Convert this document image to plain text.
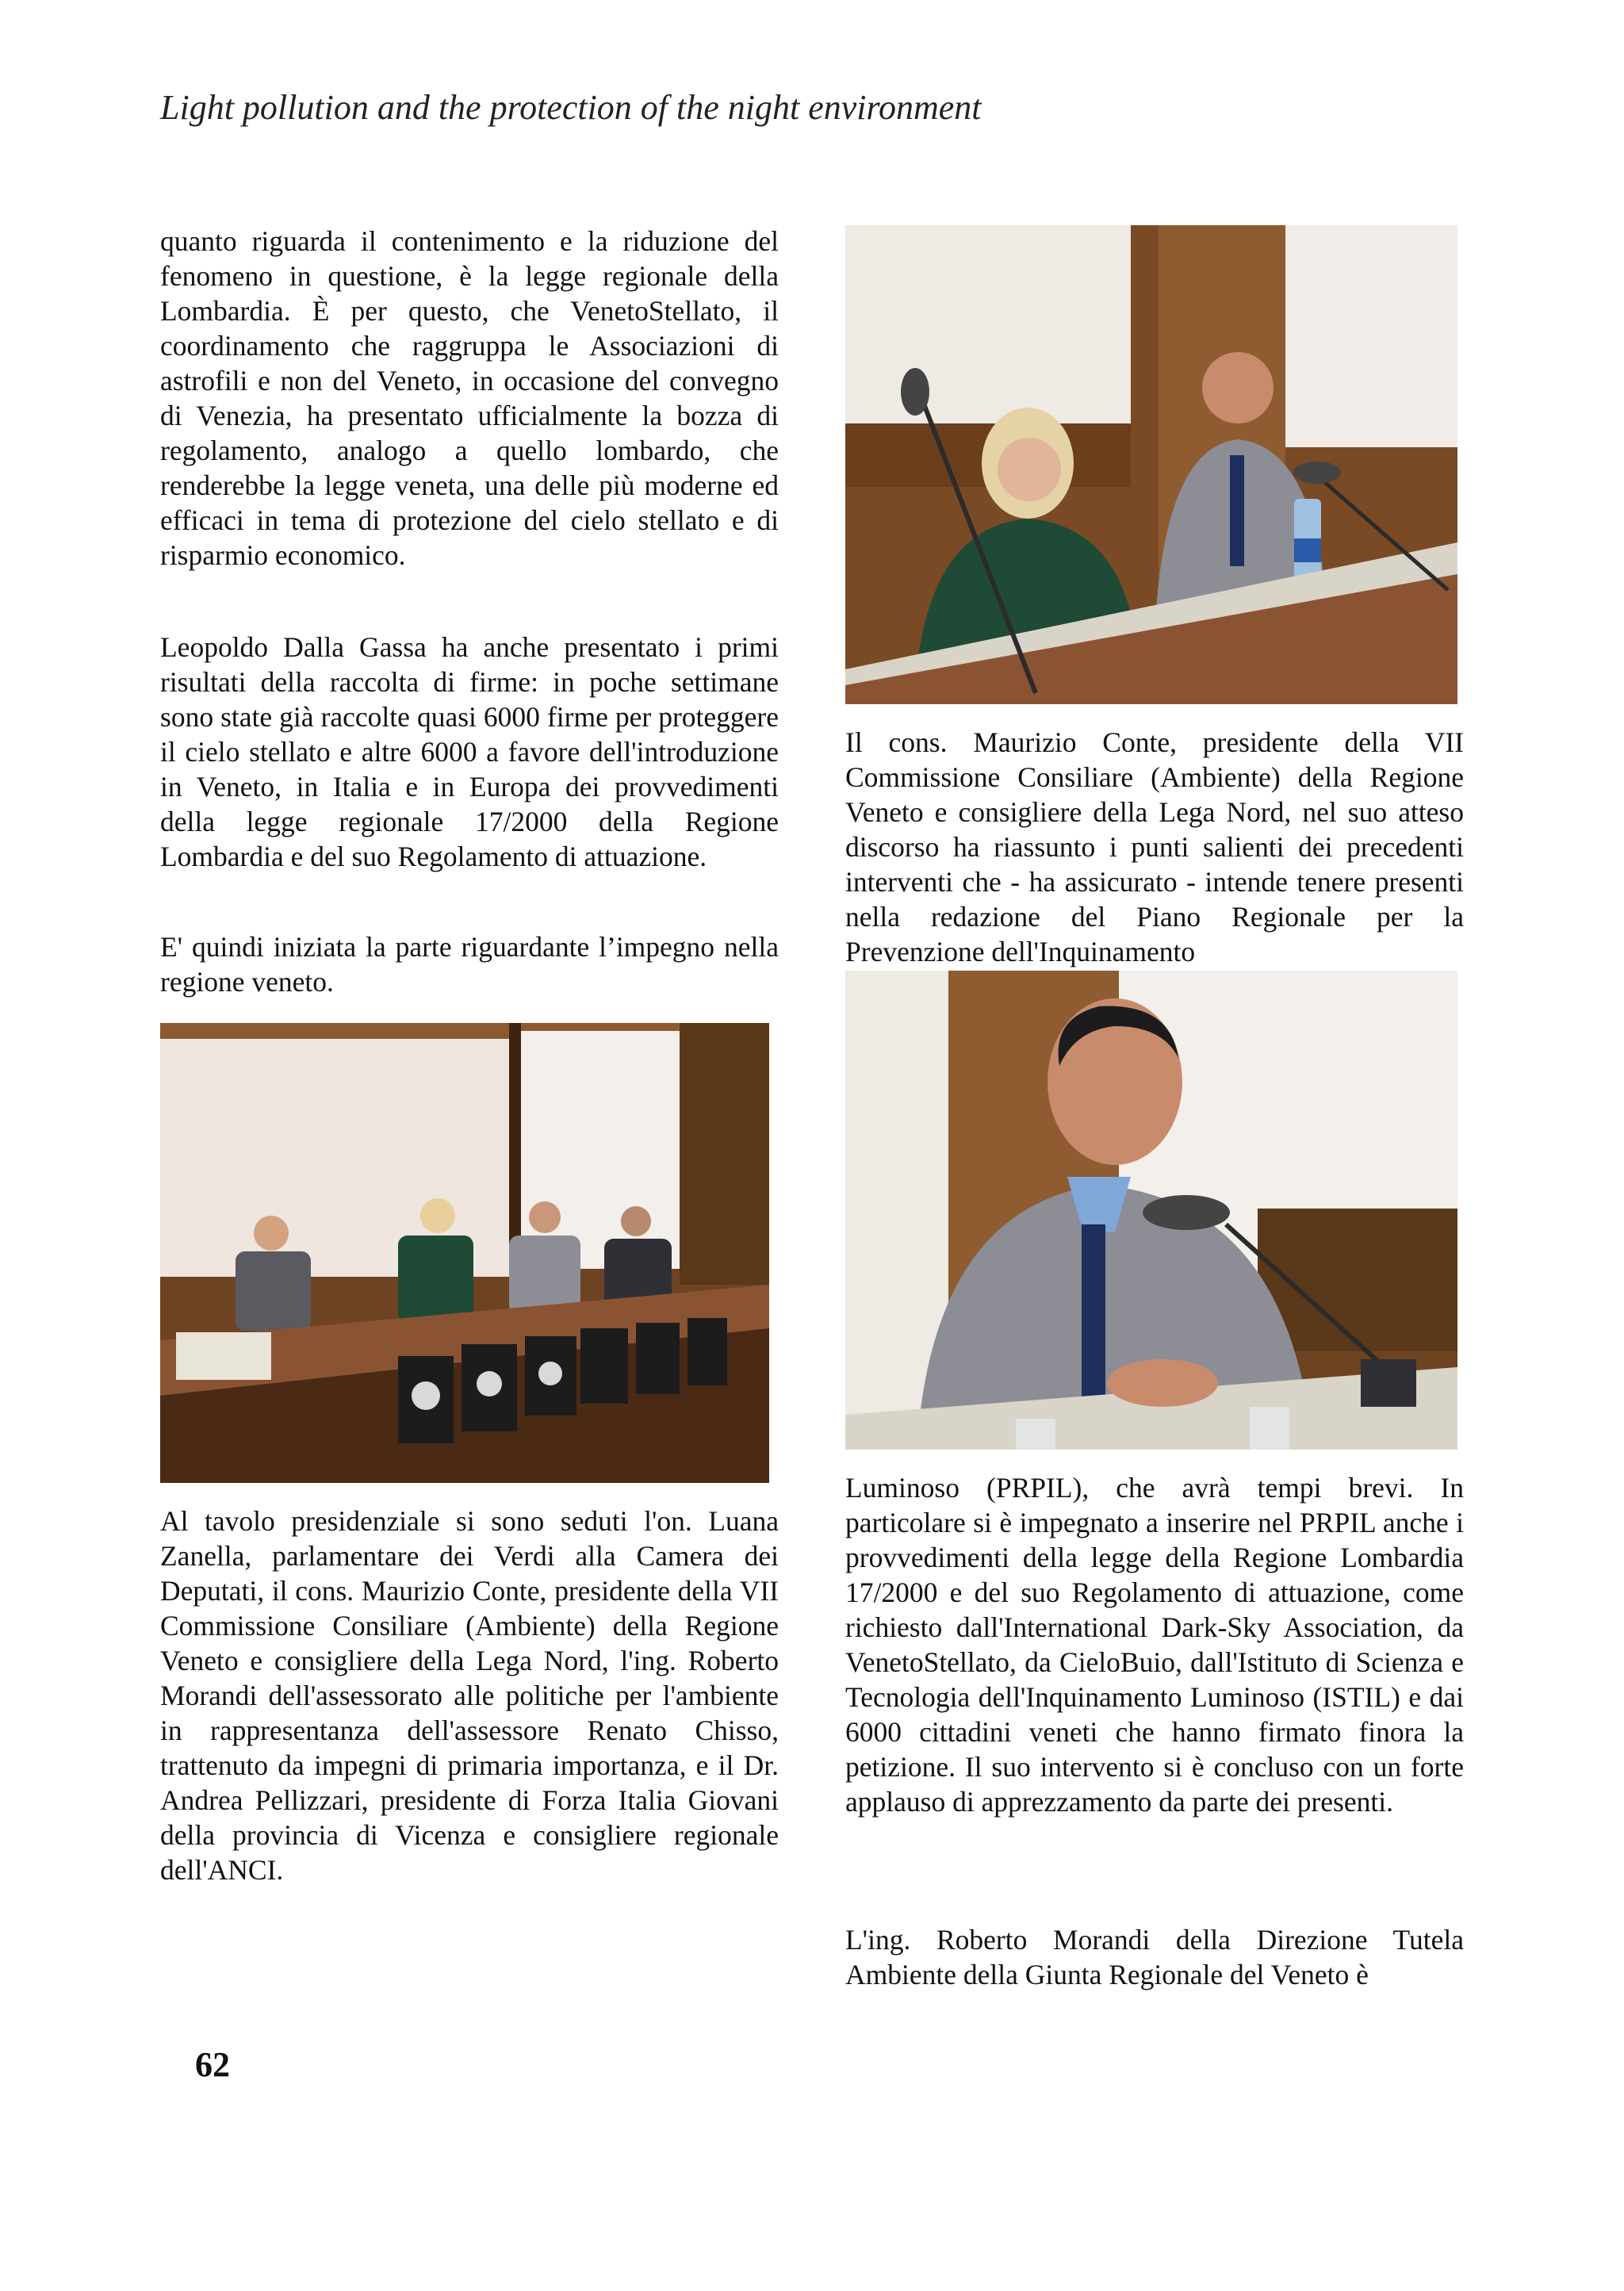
Light pollution and the protection of the night environment

quanto riguarda il contenimento e la riduzione del fenomeno in questione, è la legge regionale della Lombardia. È per questo, che VenetoStellato, il coordinamento che raggruppa le Associazioni di astrofili e non del Veneto, in occasione del convegno di Venezia, ha presentato ufficialmente la bozza di regolamento, analogo a quello lombardo, che renderebbe la legge veneta, una delle più moderne ed efficaci in tema di protezione del cielo stellato e di risparmio economico.

Leopoldo Dalla Gassa ha anche presentato i primi risultati della raccolta di firme: in poche settimane sono state già raccolte quasi 6000 firme per proteggere il cielo stellato e altre 6000 a favore dell'introduzione in Veneto, in Italia e in Europa dei provvedimenti della legge regionale 17/2000 della Regione Lombardia e del suo Regolamento di attuazione.

E' quindi iniziata la parte riguardante l’impegno nella regione veneto.

Al tavolo presidenziale si sono seduti l'on. Luana Zanella, parlamentare dei Verdi alla Camera dei Deputati, il cons. Maurizio Conte, presidente della VII Commissione Consiliare (Ambiente) della Regione Veneto e consigliere della Lega Nord, l'ing. Roberto Morandi dell'assessorato alle politiche per l'ambiente in rappresentanza dell'assessore Renato Chisso, trattenuto da impegni di primaria importanza, e il Dr. Andrea Pellizzari, presidente di Forza Italia Giovani della provincia di Vicenza e consigliere regionale dell'ANCI.

Il cons. Maurizio Conte, presidente della VII Commissione Consiliare (Ambiente) della Regione Veneto e consigliere della Lega Nord, nel suo atteso discorso ha riassunto i punti salienti dei precedenti interventi che - ha assicurato - intende tenere presenti nella redazione del Piano Regionale per la Prevenzione dell'Inquinamento

Luminoso (PRPIL), che avrà tempi brevi. In particolare si è impegnato a inserire nel PRPIL anche i provvedimenti della legge della Regione Lombardia 17/2000 e del suo Regolamento di attuazione, come richiesto dall'International Dark-Sky Association, da VenetoStellato, da CieloBuio, dall'Istituto di Scienza e Tecnologia dell'Inquinamento Luminoso (ISTIL) e dai 6000 cittadini veneti che hanno firmato finora la petizione. Il suo intervento si è concluso con un forte applauso di apprezzamento da parte dei presenti.

L'ing. Roberto Morandi della Direzione Tutela Ambiente della Giunta Regionale del Veneto è

62
